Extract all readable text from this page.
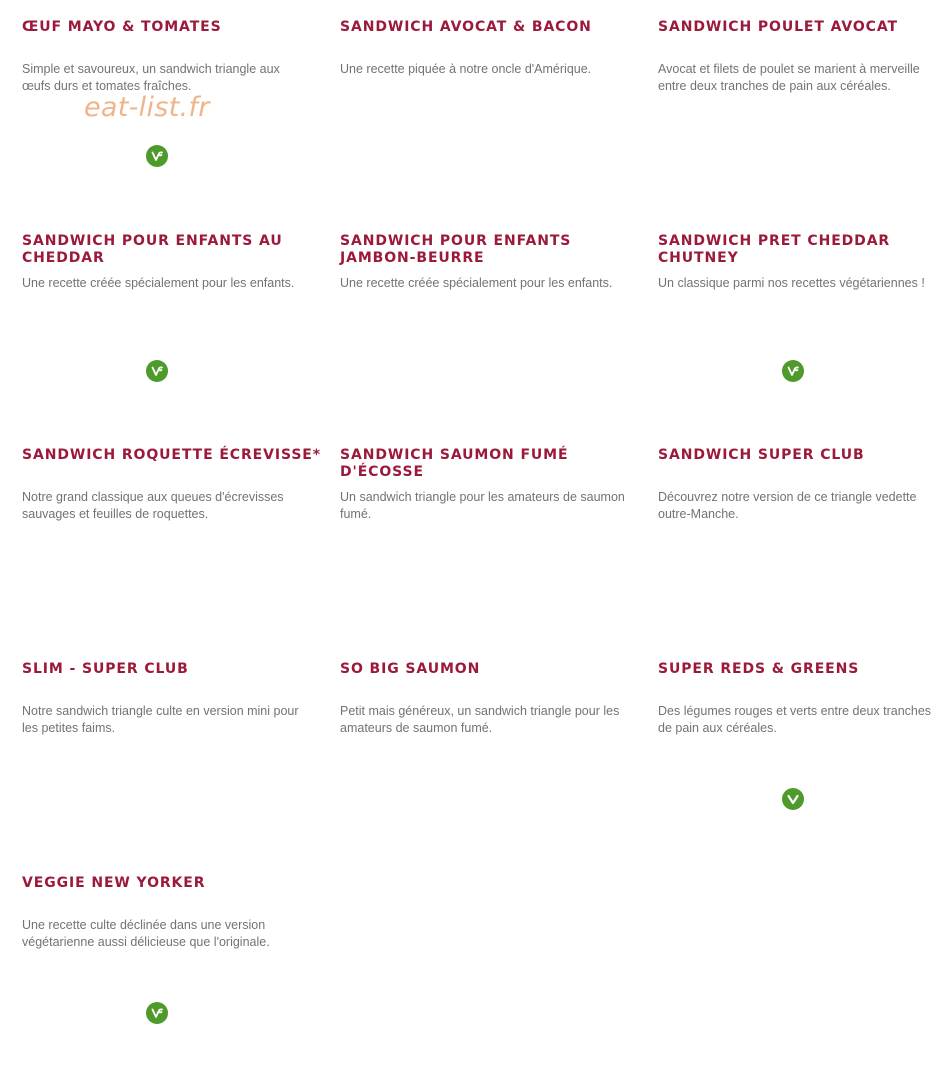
ŒUF MAYO & TOMATES

Simple et savoureux, un sandwich triangle aux œufs durs et tomates fraîches.

eat-list.fr
SANDWICH AVOCAT & BACON

Une recette piquée à notre oncle d'Amérique.

SANDWICH POULET AVOCAT

Avocat et filets de poulet se marient à merveille entre deux tranches de pain aux céréales.

SANDWICH POUR ENFANTS AU CHEDDAR

Une recette créée spécialement pour les enfants.

SANDWICH POUR ENFANTS JAMBON-BEURRE

Une recette créée spécialement pour les enfants.

SANDWICH PRET CHEDDAR CHUTNEY

Un classique parmi nos recettes végétariennes !

SANDWICH ROQUETTE ÉCREVISSE*

Notre grand classique aux queues d'écrevisses sauvages et feuilles de roquettes.

SANDWICH SAUMON FUMÉ D'ÉCOSSE

Un sandwich triangle pour les amateurs de saumon fumé.

SANDWICH SUPER CLUB

Découvrez notre version de ce triangle vedette outre-Manche.

SLIM - SUPER CLUB

Notre sandwich triangle culte en version mini pour les petites faims.

SO BIG SAUMON

Petit mais généreux, un sandwich triangle pour les amateurs de saumon fumé.

SUPER REDS & GREENS

Des légumes rouges et verts entre deux tranches de pain aux céréales.

VEGGIE NEW YORKER

Une recette culte déclinée dans une version végétarienne aussi délicieuse que l'originale.
